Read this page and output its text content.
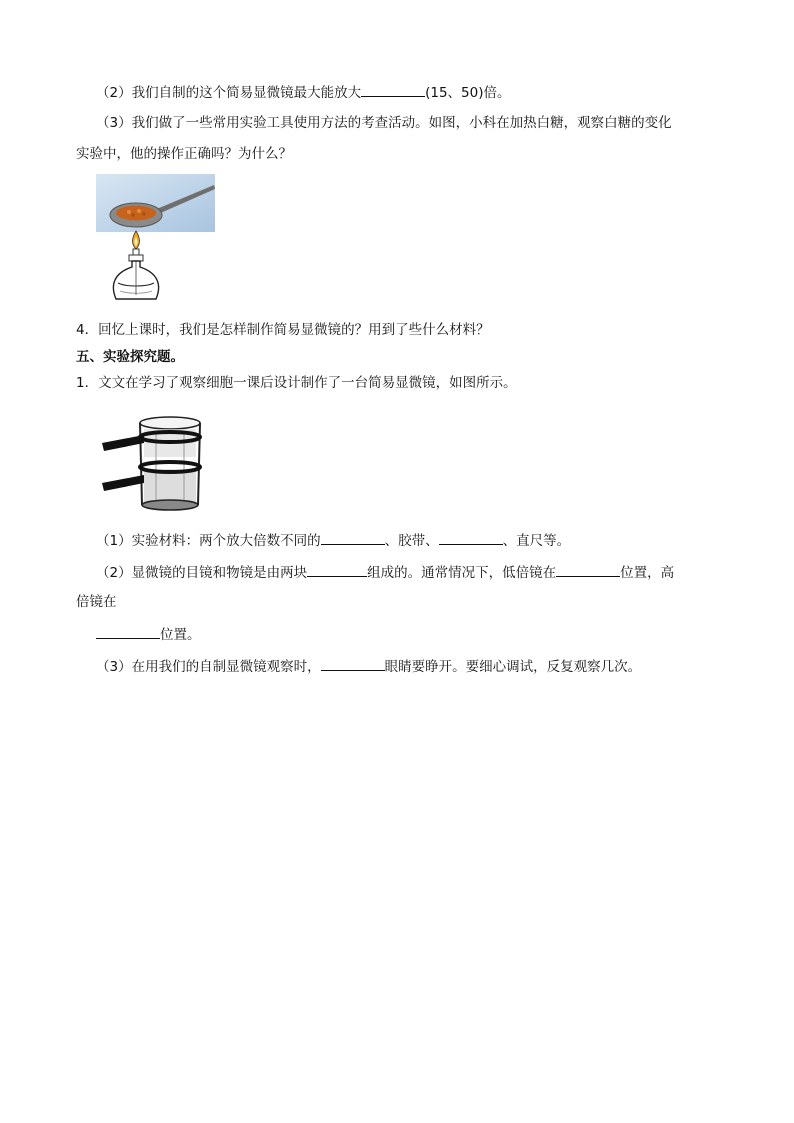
（2）我们自制的这个简易显微镜最大能放大	(15、50)倍。
（3）我们做了一些常用实验工具使用方法的考查活动。如图，小科在加热白糖，观察白糖的变化
实验中，他的操作正确吗？为什么？
4．回忆上课时，我们是怎样制作简易显微镜的？用到了些什么材料？
五、实验探究题。
1．文文在学习了观察细胞一课后设计制作了一台简易显微镜，如图所示。
（1）实验材料：两个放大倍数不同的	、胶带、	、直尺等。
（2）显微镜的目镜和物镜是由两块	组成的。通常情况下，低倍镜在	位置，高
倍镜在
位置。
（3）在用我们的自制显微镜观察时，	眼睛要睁开。要细心调试，反复观察几次。
